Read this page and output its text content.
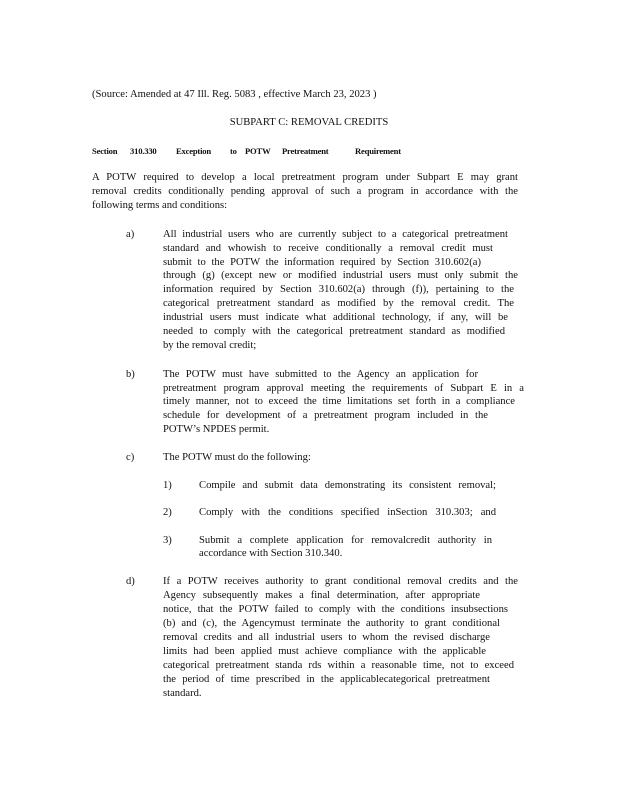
(Source: Amended at 47 Ill. Reg. 5083 , effective March 23, 2023 )
SUBPART C: REMOVAL CREDITS
Section 310.330 Exception to POTW Pretreatment	Requirement
A POTW required to develop a local pretreatment program under Subpart E may grant
removal credits conditionally pending approval of such a program in accordance with the
following terms and conditions:
a)	All industrial users who are currently subject to a categorical pretreatment
standard and whowish to receive conditionally a removal credit must
submit to the POTW the information required by Section 310.602(a)
through (g) (except new or modified industrial users must only submit the
information required by Section 310.602(a) through (f)), pertaining to the
categorical pretreatment standard as modified by the removal credit. The
industrial users must indicate what additional technology, if any, will be
needed to comply with the categorical pretreatment standard as modified
by the removal credit;
b)	The POTW must have submitted to the Agency an application for
pretreatment program approval meeting the requirements of Subpart E in a
timely manner, not to exceed the time limitations set forth in a compliance
schedule for development of a pretreatment program included in the
POTW’s NPDES permit.
c)	The POTW must do the following:
1)	Compile and submit data demonstrating its consistent removal;
2)	Comply with the conditions specified inSection 310.303; and
3)	Submit a complete application for removalcredit authority in
accordance with Section 310.340.
d)	If a POTW receives authority to grant conditional removal credits and the
Agency subsequently makes a final determination, after appropriate
notice, that the POTW failed to comply with the conditions insubsections
(b) and (c), the Agencymust terminate the authority to grant conditional
removal credits and all industrial users to whom the revised discharge
limits had been applied must achieve compliance with the applicable
categorical pretreatment standa rds within a reasonable time, not to exceed
the period of time prescribed in the applicablecategorical pretreatment
standard.
